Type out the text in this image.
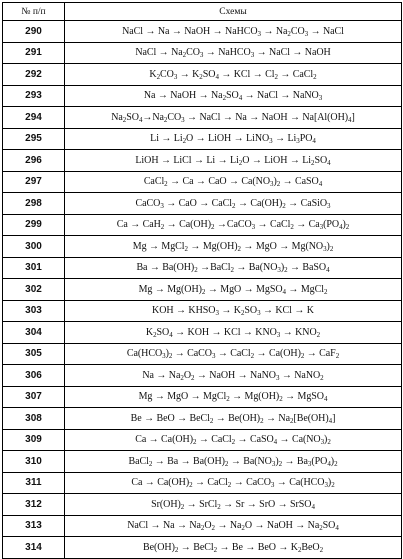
№ п/п	Схемы
290	NaCl → Na → NaOH → NaHCO$_3$ → $Na_2CO_3$ → NaCl
291	NaCl → $Na_2CO_3$ → NaHCO$_3$ → NaCl → NaOH
292	$K_2CO_3 \to K_2SO_4$ → KCl → $Cl_2$ → CaCl$_2$
293	Na → NaOH → $Na_2SO_4$ → NaCl → NaNO$_3$
294	$Na_2SO_4\to Na_2CO_3$ → NaCl → Na → NaOH → $Na[Al(OH)_4]$
295	$Li \to Li_2O$ → LiOH → LiNO$_3$ → $Li_3PO_4$
296	LiOH → LiCl → $Li \to Li_2O$ → LiOH → $Li_2SO_4$
297	CaCl$_2$ → Ca → CaO → $Ca(NO_3)_2$ → CaSO$_4$
298	CaCO$_3$ → CaO → CaCl$_2$ → $Ca(OH)_2$ → CaSiO$_3$
299	$Ca \to CaH_2 \to Ca(OH)_2$ →CaCO$_3$ → CaCl$_2$ → $Ca_3(PO_4)_2$
300	Mg → MgCl$_2$ → $Mg(OH)_2$ → MgO → $Mg(NO_3)_2$
301	$Ba \to Ba(OH)_2$ →BaCl$_2$ → $Ba(NO_3)_2$ → BaSO$_4$
302	$Mg \to Mg(OH)_2$ → MgO → MgSO$_4$ → MgCl$_2$
303	KOH → $KHSO_3 \to K_2SO_3$ → KCl → K
304	$K_2SO_4$ → KOH → KCl → $KNO_3 \to KNO_2$
305	$Ca(HCO_3)_2$ → CaCO$_3$ → CaCl$_2$ → $Ca(OH)_2 \to CaF_2$
306	$Na \to Na_2O_2$ → NaOH → NaNO$_3$ → NaNO$_2$
307	Mg → MgO → MgCl$_2$ → $Mg(OH)_2$ → MgSO$_4$
308	Be → BeO → BeCl$_2$ → $Be(OH)_2 \to Na_2[Be(OH)_4]$
309	$Ca \to Ca(OH)_2$ → CaCl$_2$ → CaSO$_4$ → $Ca(NO_3)_2$
310	BaCl$_2$ → $Ba \to Ba(OH)_2 \to Ba(NO_3)_2 \to Ba_3(PO_4)_2$
311	$Ca \to Ca(OH)_2$ → CaCl$_2$ → CaCO$_3$ → $Ca(HCO_3)_2$
312	$Sr(OH)_2$ → SrCl$_2$ → Sr → SrO → SrSO$_4$
313	NaCl → $Na \to Na_2O_2 \to Na_2O$ → NaOH → $Na_2SO_4$
314	$Be(OH)_2$ → BeCl$_2$ → Be → BeO → $K_2BeO_2$
